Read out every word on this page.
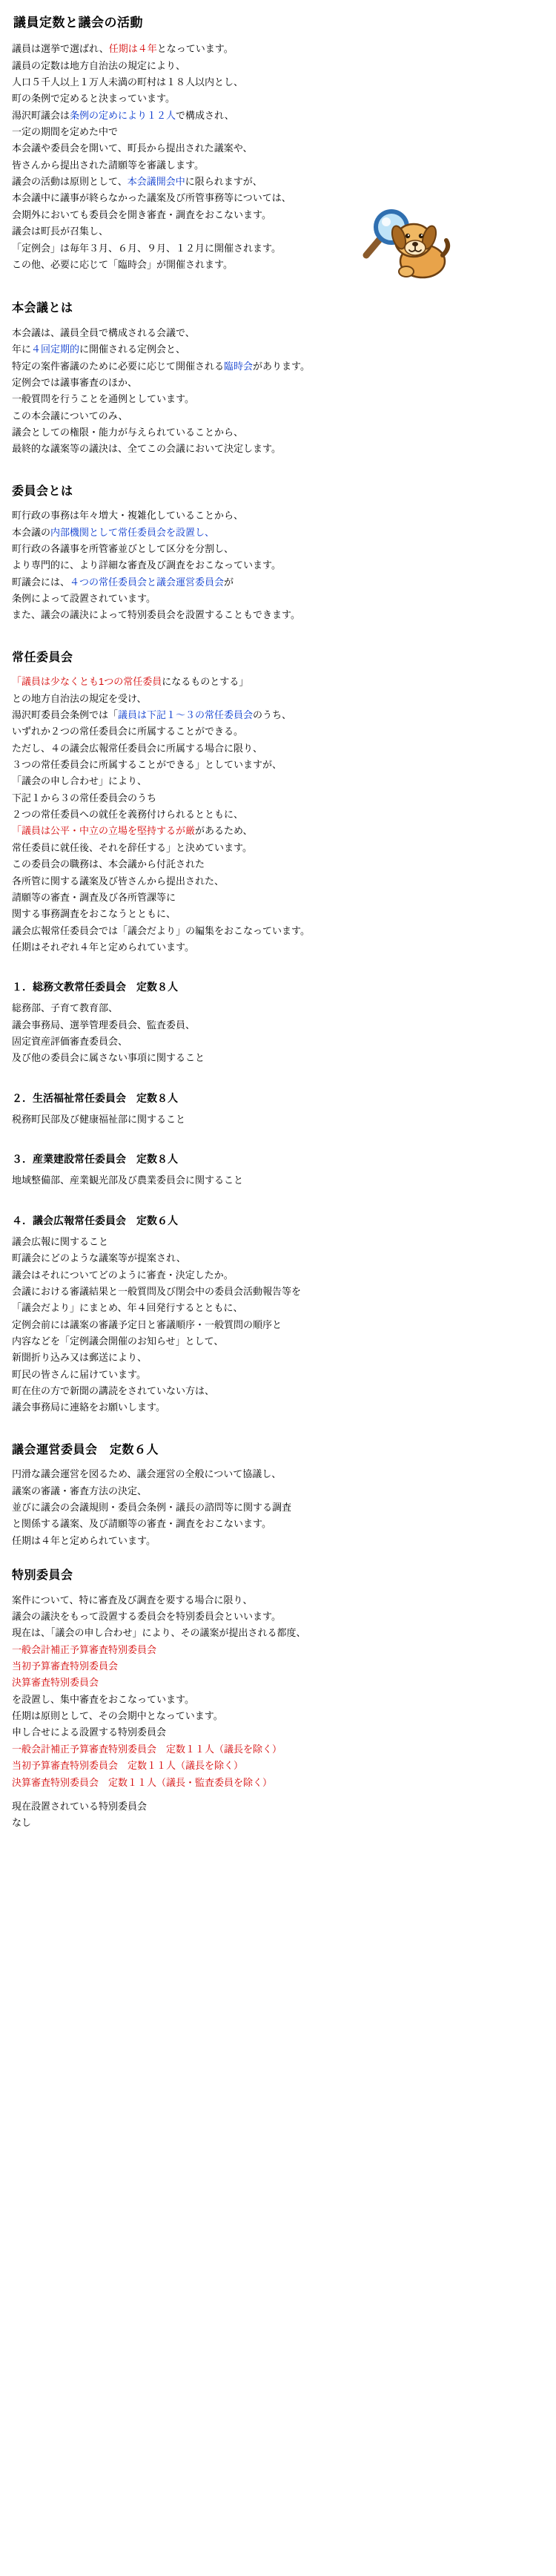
議員定数と議会の活動

議員は選挙で選ばれ、任期は４年となっています。

議員の定数は地方自治法の規定により、

人口５千人以上１万人未満の町村は１８人以内とし、

町の条例で定めると決まっています。

湯沢町議会は条例の定めにより１２人で構成され、

一定の期間を定めた中で

本会議や委員会を開いて、町長から提出された議案や、

皆さんから提出された請願等を審議します。

議会の活動は原則として、本会議開会中に限られますが、

本会議中に議事が終らなかった議案及び所管事務等については、

会期外においても委員会を開き審査・調査をおこないます。

議会は町長が召集し、

「定例会」は毎年３月、６月、９月、１２月に開催されます。

この他、必要に応じて「臨時会」が開催されます。

本会議とは

本会議は、議員全員で構成される会議で、

年に４回定期的に開催される定例会と、

特定の案件審議のために必要に応じて開催される臨時会があります。

定例会では議事審査のほか、

一般質問を行うことを通例としています。

この本会議についてのみ、

議会としての権限・能力が与えられていることから、

最終的な議案等の議決は、全てこの会議において決定します。

委員会とは

町行政の事務は年々増大・複雑化していることから、

本会議の内部機関として常任委員会を設置し、

町行政の各議事を所管審並びとして区分を分割し、

より専門的に、より詳細な審査及び調査をおこなっています。

町議会には、４つの常任委員会と議会運営委員会が

条例によって設置されています。

また、議会の議決によって特別委員会を設置することもできます。

常任委員会

「議員は少なくとも1つの常任委員になるものとする」

との地方自治法の規定を受け、

湯沢町委員会条例では「議員は下記１～３の常任委員会のうち、

いずれか２つの常任委員会に所属することができる。

ただし、４の議会広報常任委員会に所属する場合に限り、

３つの常任委員会に所属することができる」としていますが、

「議会の申し合わせ」により、

下記１から３の常任委員会のうち

２つの常任委員への就任を義務付けられるとともに、

「議員は公平・中立の立場を堅持するが厳があるため、

常任委員に就任後、それを辞任する」と決めています。

この委員会の職務は、本会議から付託された

各所管に関する議案及び皆さんから提出された、

請願等の審査・調査及び各所管課等に

関する事務調査をおこなうとともに、

議会広報常任委員会では「議会だより」の編集をおこなっています。

任期はそれぞれ４年と定められています。

１．総務文教常任委員会　定数８人

総務部、子育て教育部、

議会事務局、選挙管理委員会、監査委員、

固定資産評価審査委員会、

及び他の委員会に属さない事項に関すること

２．生活福祉常任委員会　定数８人

税務町民部及び健康福祉部に関すること

３．産業建設常任委員会　定数８人

地域整備部、産業観光部及び農業委員会に関すること

４．議会広報常任委員会　定数６人

議会広報に関すること

町議会にどのような議案等が提案され、

議会はそれについてどのように審査・決定したか。

会議における審議結果と一般質問及び閉会中の委員会活動報告等を

「議会だより」にまとめ、年４回発行するとともに、

定例会前には議案の審議予定日と審議順序・一般質問の順序と

内容などを「定例議会開催のお知らせ」として、

新聞折り込み又は郵送により、

町民の皆さんに届けています。

町在住の方で新聞の講読をされていない方は、

議会事務局に連絡をお願いします。

議会運営委員会　定数６人

円滑な議会運営を図るため、議会運営の全般について協議し、

議案の審議・審査方法の決定、

並びに議会の会議規則・委員会条例・議長の諮問等に関する調査

と関係する議案、及び請願等の審査・調査をおこないます。

任期は４年と定められています。

特別委員会

案件について、特に審査及び調査を要する場合に限り、

議会の議決をもって設置する委員会を特別委員会といいます。

現在は、「議会の申し合わせ」により、その議案が提出される都度、

一般会計補正予算審査特別委員会

当初予算審査特別委員会

決算審査特別委員会

を設置し、集中審査をおこなっています。

任期は原則として、その会期中となっています。

申し合せによる設置する特別委員会

一般会計補正予算審査特別委員会　定数１１人（議長を除く）

当初予算審査特別委員会　定数１１人（議長を除く）

決算審査特別委員会　定数１１人（議長・監査委員を除く）

現在設置されている特別委員会

なし
